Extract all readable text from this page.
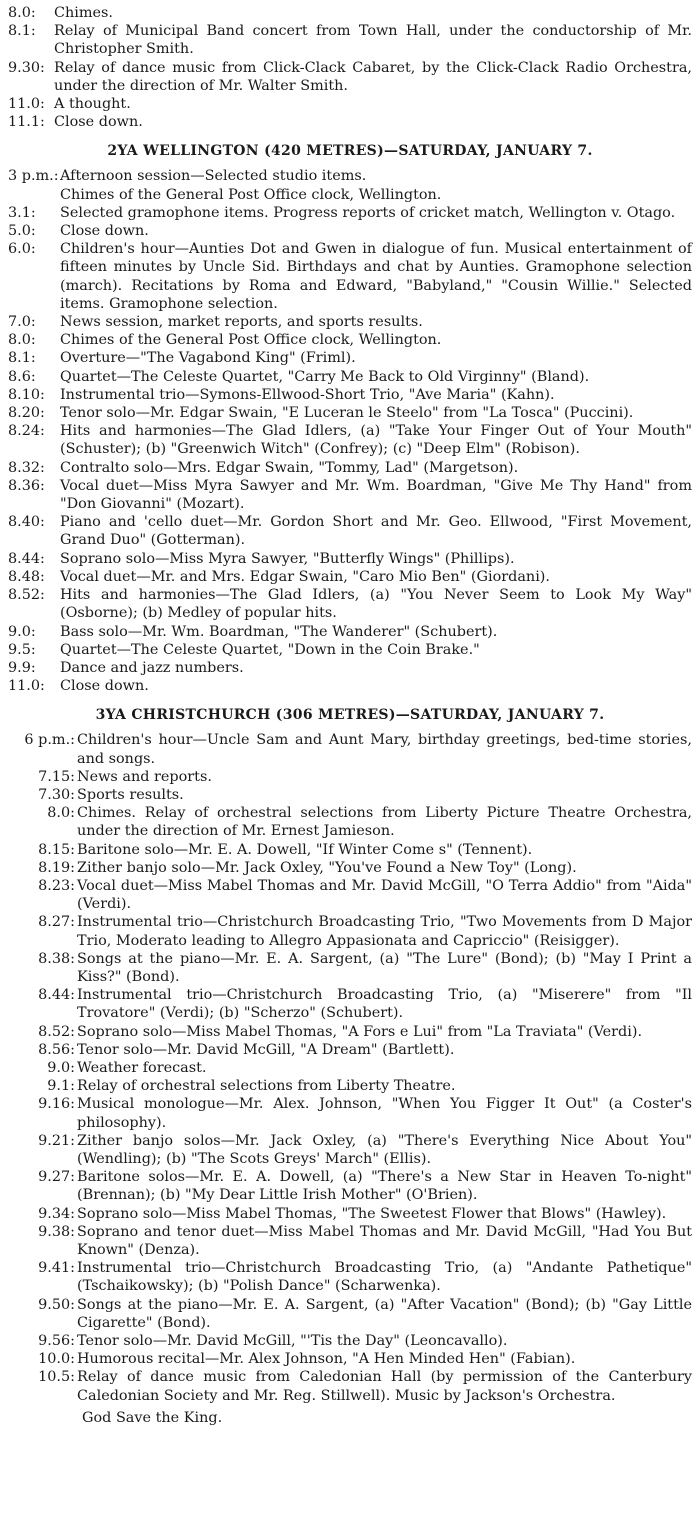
8.0:	Chimes.
8.1:	Relay of Municipal Band concert from Town Hall, under the conductorship of Mr. Christopher Smith.
9.30: Relay of dance music from Click-Clack Cabaret, by the Click-Clack Radio Orchestra, under the direction of Mr. Walter Smith.
11.0: A thought.
11.1: Close down.
2YA WELLINGTON (420 METRES)—SATURDAY, JANUARY 7.
3 p.m.: Afternoon session—Selected studio items.
Chimes of the General Post Office clock, Wellington.
3.1:	Selected gramophone items. Progress reports of cricket match, Wellington v. Otago.
5.0:	Close down.
6.0:	Children's hour—Aunties Dot and Gwen in dialogue of fun. Musical entertainment of fifteen minutes by Uncle Sid. Birthdays and chat by Aunties. Gramophone selection (march). Recitations by Roma and Edward, "Babyland," "Cousin Willie." Selected items. Gramophone selection.
7.0:	News session, market reports, and sports results.
8.0:	Chimes of the General Post Office clock, Wellington.
8.1:	Overture—"The Vagabond King" (Friml).
8.6:	Quartet—The Celeste Quartet, "Carry Me Back to Old Virginny" (Bland).
8.10:	Instrumental trio—Symons-Ellwood-Short Trio, "Ave Maria" (Kahn).
8.20:	Tenor solo—Mr. Edgar Swain, "E Luceran le Steelo" from "La Tosca" (Puccini).
8.24:	Hits and harmonies—The Glad Idlers, (a) "Take Your Finger Out of Your Mouth" (Schuster); (b) "Greenwich Witch" (Confrey); (c) "Deep Elm" (Robison).
8.32:	Contralto solo—Mrs. Edgar Swain, "Tommy, Lad" (Margetson).
8.36:	Vocal duet—Miss Myra Sawyer and Mr. Wm. Boardman, "Give Me Thy Hand" from "Don Giovanni" (Mozart).
8.40:	Piano and 'cello duet—Mr. Gordon Short and Mr. Geo. Ellwood, "First Movement, Grand Duo" (Gotterman).
8.44:	Soprano solo—Miss Myra Sawyer, "Butterfly Wings" (Phillips).
8.48:	Vocal duet—Mr. and Mrs. Edgar Swain, "Caro Mio Ben" (Giordani).
8.52:	Hits and harmonies—The Glad Idlers, (a) "You Never Seem to Look My Way" (Osborne); (b) Medley of popular hits.
9.0:	Bass solo—Mr. Wm. Boardman, "The Wanderer" (Schubert).
9.5:	Quartet—The Celeste Quartet, "Down in the Coin Brake."
9.9:	Dance and jazz numbers.
11.0:	Close down.
3YA CHRISTCHURCH (306 METRES)—SATURDAY, JANUARY 7.
6 p.m.: Children's hour—Uncle Sam and Aunt Mary, birthday greetings, bed-time stories, and songs.
7.15: News and reports.
7.30: Sports results.
8.0: Chimes. Relay of orchestral selections from Liberty Picture Theatre Orchestra, under the direction of Mr. Ernest Jamieson.
8.15: Baritone solo—Mr. E. A. Dowell, "If Winter Come s" (Tennent).
8.19: Zither banjo solo—Mr. Jack Oxley, "You've Found a New Toy" (Long).
8.23: Vocal duet—Miss Mabel Thomas and Mr. David McGill, "O Terra Addio" from "Aida" (Verdi).
8.27: Instrumental trio—Christchurch Broadcasting Trio, "Two Movements from D Major Trio, Moderato leading to Allegro Appasionata and Capriccio" (Reisigger).
8.38: Songs at the piano—Mr. E. A. Sargent, (a) "The Lure" (Bond); (b) "May I Print a Kiss?" (Bond).
8.44: Instrumental trio—Christchurch Broadcasting Trio, (a) "Miserere" from "Il Trovatore" (Verdi); (b) "Scherzo" (Schubert).
8.52: Soprano solo—Miss Mabel Thomas, "A Fors e Lui" from "La Traviata" (Verdi).
8.56: Tenor solo—Mr. David McGill, "A Dream" (Bartlett).
9.0: Weather forecast.
9.1: Relay of orchestral selections from Liberty Theatre.
9.16: Musical monologue—Mr. Alex. Johnson, "When You Figger It Out" (a Coster's philosophy).
9.21: Zither banjo solos—Mr. Jack Oxley, (a) "There's Everything Nice About You" (Wendling); (b) "The Scots Greys' March" (Ellis).
9.27: Baritone solos—Mr. E. A. Dowell, (a) "There's a New Star in Heaven To-night" (Brennan); (b) "My Dear Little Irish Mother" (O'Brien).
9.34: Soprano solo—Miss Mabel Thomas, "The Sweetest Flower that Blows" (Hawley).
9.38: Soprano and tenor duet—Miss Mabel Thomas and Mr. David McGill, "Had You But Known" (Denza).
9.41: Instrumental trio—Christchurch Broadcasting Trio, (a) "Andante Pathetique" (Tschaikowsky); (b) "Polish Dance" (Scharwenka).
9.50: Songs at the piano—Mr. E. A. Sargent, (a) "After Vacation" (Bond); (b) "Gay Little Cigarette" (Bond).
9.56: Tenor solo—Mr. David McGill, "'Tis the Day" (Leoncavallo).
10.0: Humorous recital—Mr. Alex Johnson, "A Hen Minded Hen" (Fabian).
10.5: Relay of dance music from Caledonian Hall (by permission of the Canterbury Caledonian Society and Mr. Reg. Stillwell). Music by Jackson's Orchestra.
God Save the King.
